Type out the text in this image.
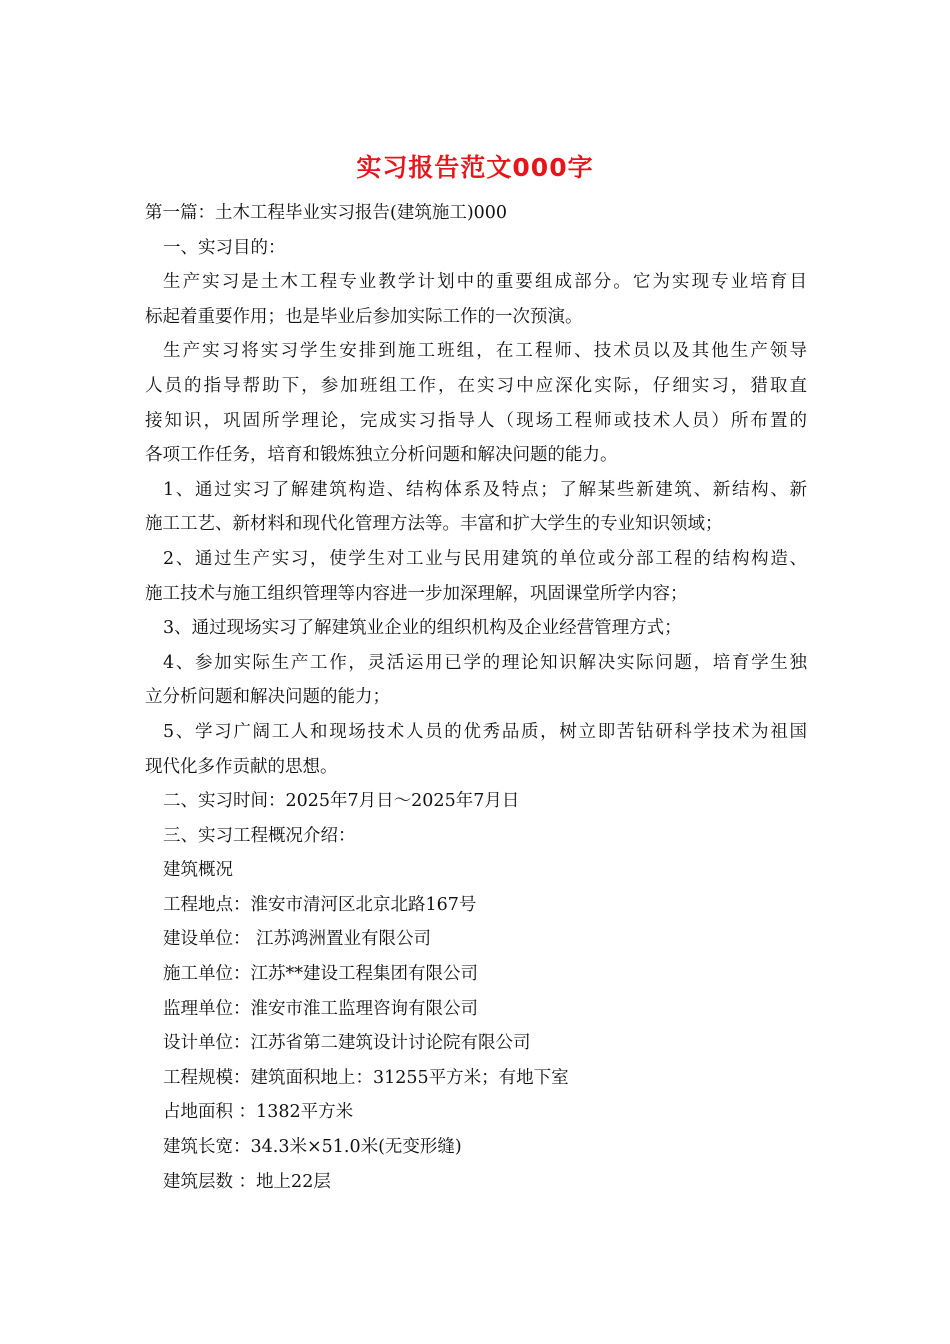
实习报告范文000字
第一篇：土木工程毕业实习报告(建筑施工)000
一、实习目的：
生产实习是土木工程专业教学计划中的重要组成部分。它为实现专业培育目
标起着重要作用；也是毕业后参加实际工作的一次预演。
生产实习将实习学生安排到施工班组，在工程师、技术员以及其他生产领导
人员的指导帮助下，参加班组工作，在实习中应深化实际，仔细实习，猎取直
接知识，巩固所学理论，完成实习指导人（现场工程师或技术人员）所布置的
各项工作任务，培育和锻炼独立分析问题和解决问题的能力。
1、通过实习了解建筑构造、结构体系及特点；了解某些新建筑、新结构、新
施工工艺、新材料和现代化管理方法等。丰富和扩大学生的专业知识领域；
2、通过生产实习，使学生对工业与民用建筑的单位或分部工程的结构构造、
施工技术与施工组织管理等内容进一步加深理解，巩固课堂所学内容；
3、通过现场实习了解建筑业企业的组织机构及企业经营管理方式；
4、参加实际生产工作，灵活运用已学的理论知识解决实际问题，培育学生独
立分析问题和解决问题的能力；
5、学习广阔工人和现场技术人员的优秀品质，树立即苦钻研科学技术为祖国
现代化多作贡献的思想。
二、实习时间：2025年7月日～2025年7月日
三、实习工程概况介绍：
建筑概况
工程地点：淮安市清河区北京北路167号
建设单位： 江苏鸿洲置业有限公司
施工单位：江苏**建设工程集团有限公司
监理单位：淮安市淮工监理咨询有限公司
设计单位：江苏省第二建筑设计讨论院有限公司
工程规模：建筑面积地上：31255平方米；有地下室
占地面积 ：1382平方米
建筑长宽：34.3米×51.0米(无变形缝)
建筑层数 ：地上22层
